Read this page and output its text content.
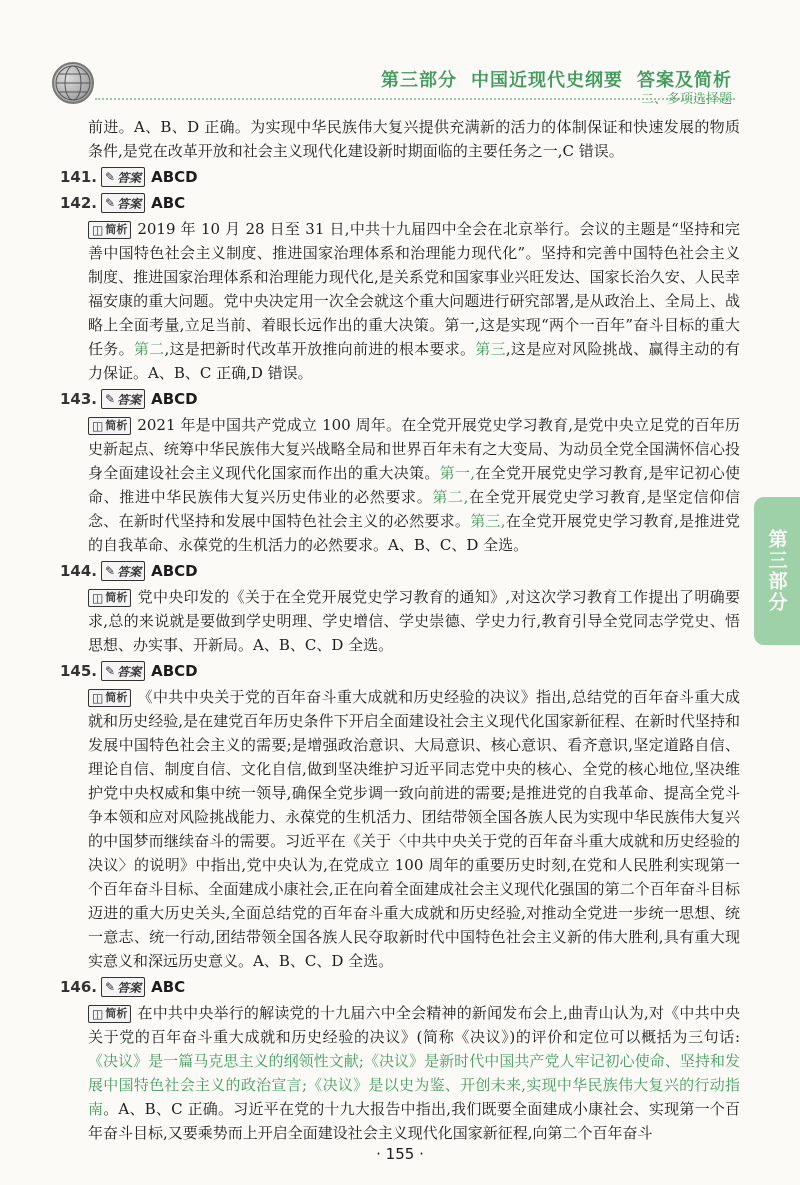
第三部分 中国近现代史纲要 答案及简析
二、多项选择题
第三部分

前进。A、B、D 正确。为实现中华民族伟大复兴提供充满新的活力的体制保证和快速发展的物质条件,是党在改革开放和社会主义现代化建设新时期面临的主要任务之一,C 错误。

141. ✎ 答案 ABCD
142. ✎ 答案 ABC

◫ 简析 2019 年 10 月 28 日至 31 日,中共十九届四中全会在北京举行。会议的主题是“坚持和完善中国特色社会主义制度、推进国家治理体系和治理能力现代化”。坚持和完善中国特色社会主义制度、推进国家治理体系和治理能力现代化,是关系党和国家事业兴旺发达、国家长治久安、人民幸福安康的重大问题。党中央决定用一次全会就这个重大问题进行研究部署,是从政治上、全局上、战略上全面考量,立足当前、着眼长远作出的重大决策。第一,这是实现“两个一百年”奋斗目标的重大任务。第二,这是把新时代改革开放推向前进的根本要求。第三,这是应对风险挑战、赢得主动的有力保证。A、B、C 正确,D 错误。

143. ✎ 答案 ABCD

◫ 简析 2021 年是中国共产党成立 100 周年。在全党开展党史学习教育,是党中央立足党的百年历史新起点、统筹中华民族伟大复兴战略全局和世界百年未有之大变局、为动员全党全国满怀信心投身全面建设社会主义现代化国家而作出的重大决策。第一,在全党开展党史学习教育,是牢记初心使命、推进中华民族伟大复兴历史伟业的必然要求。第二,在全党开展党史学习教育,是坚定信仰信念、在新时代坚持和发展中国特色社会主义的必然要求。第三,在全党开展党史学习教育,是推进党的自我革命、永葆党的生机活力的必然要求。A、B、C、D 全选。

144. ✎ 答案 ABCD

◫ 简析 党中央印发的《关于在全党开展党史学习教育的通知》,对这次学习教育工作提出了明确要求,总的来说就是要做到学史明理、学史增信、学史崇德、学史力行,教育引导全党同志学党史、悟思想、办实事、开新局。A、B、C、D 全选。

145. ✎ 答案 ABCD

◫ 简析 《中共中央关于党的百年奋斗重大成就和历史经验的决议》指出,总结党的百年奋斗重大成就和历史经验,是在建党百年历史条件下开启全面建设社会主义现代化国家新征程、在新时代坚持和发展中国特色社会主义的需要;是增强政治意识、大局意识、核心意识、看齐意识,坚定道路自信、理论自信、制度自信、文化自信,做到坚决维护习近平同志党中央的核心、全党的核心地位,坚决维护党中央权威和集中统一领导,确保全党步调一致向前进的需要;是推进党的自我革命、提高全党斗争本领和应对风险挑战能力、永葆党的生机活力、团结带领全国各族人民为实现中华民族伟大复兴的中国梦而继续奋斗的需要。习近平在《关于〈中共中央关于党的百年奋斗重大成就和历史经验的决议〉的说明》中指出,党中央认为,在党成立 100 周年的重要历史时刻,在党和人民胜利实现第一个百年奋斗目标、全面建成小康社会,正在向着全面建成社会主义现代化强国的第二个百年奋斗目标迈进的重大历史关头,全面总结党的百年奋斗重大成就和历史经验,对推动全党进一步统一思想、统一意志、统一行动,团结带领全国各族人民夺取新时代中国特色社会主义新的伟大胜利,具有重大现实意义和深远历史意义。A、B、C、D 全选。

146. ✎ 答案 ABC

◫ 简析 在中共中央举行的解读党的十九届六中全会精神的新闻发布会上,曲青山认为,对《中共中央关于党的百年奋斗重大成就和历史经验的决议》(简称《决议》)的评价和定位可以概括为三句话:《决议》是一篇马克思主义的纲领性文献;《决议》是新时代中国共产党人牢记初心使命、坚持和发展中国特色社会主义的政治宣言;《决议》是以史为鉴、开创未来,实现中华民族伟大复兴的行动指南。A、B、C 正确。习近平在党的十九大报告中指出,我们既要全面建成小康社会、实现第一个百年奋斗目标,又要乘势而上开启全面建设社会主义现代化国家新征程,向第二个百年奋斗

· 155 ·
